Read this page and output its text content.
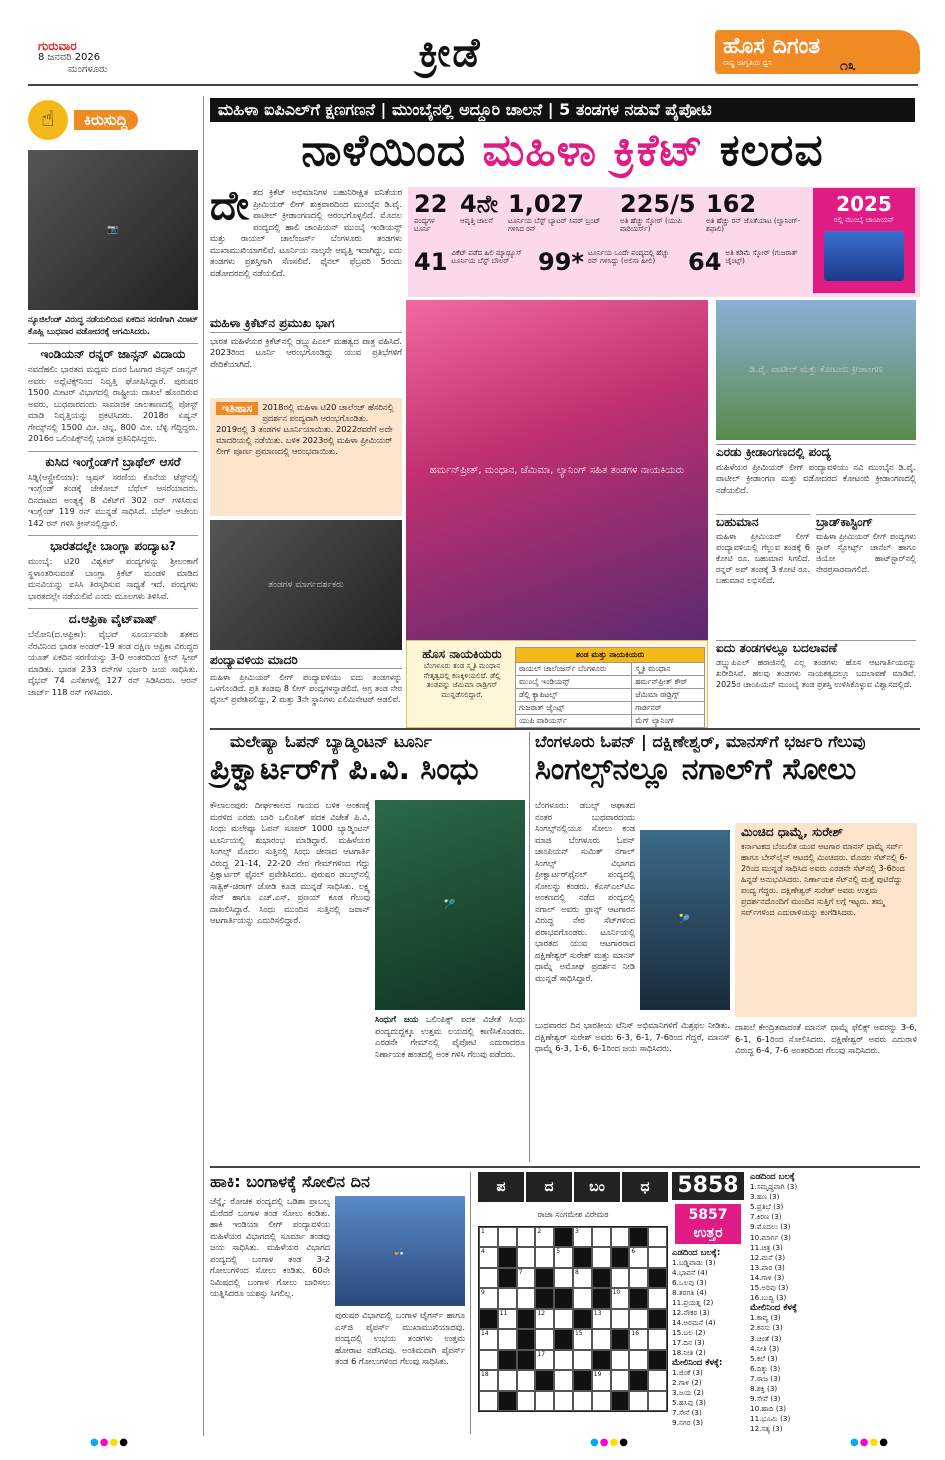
ಗುರುವಾರ
8 ಜನವರಿ 2026
ಮಂಗಳೂರು	ಕ್ರೀಡೆ	ಹೊಸ ದಿಗಂತ
ರಾಷ್ಟ್ರ ಜಾಗೃತಿಯ ಧ್ವನಿ	೧೩
☝	ಕಿರುಸುದ್ದಿ
📷
ನ್ಯೂಜಿಲೆಂಡ್ ವಿರುದ್ಧ ನಡೆಯಲಿರುವ ಏಕದಿನ ಸರಣಿಗಾಗಿ ವಿರಾಟ್ ಕೊಹ್ಲಿ ಬುಧವಾರ ವಡೋದರಕ್ಕೆ ಆಗಮಿಸಿದರು.
ಇಂಡಿಯನ್ ರನ್ನರ್ ಜಾನ್ಸನ್ ವಿದಾಯ
ನವದೆಹಲಿ: ಭಾರತದ ಮಧ್ಯಮ ದೂರ ಓಟಗಾರ ಜಿನ್ಸನ್ ಜಾನ್ಸನ್ ಅವರು ಅಥ್ಲೆಟಿಕ್ಸ್‌ನಿಂದ ನಿವೃತ್ತಿ ಘೋಷಿಸಿದ್ದಾರೆ. ಪುರುಷರ 1500 ಮೀಟರ್ ವಿಭಾಗದಲ್ಲಿ ರಾಷ್ಟ್ರೀಯ ದಾಖಲೆ ಹೊಂದಿರುವ ಅವರು, ಬುಧವಾರದಂದು ಸಾಮಾಜಿಕ ಜಾಲತಾಣದಲ್ಲಿ ಪೋಸ್ಟ್ ಮಾಡಿ ನಿವೃತ್ತಿಯನ್ನು ಪ್ರಕಟಿಸಿದರು. 2018ರ ಏಷ್ಯನ್ ಗೇಮ್ಸ್‌ನಲ್ಲಿ 1500 ಮೀ. ಚಿನ್ನ, 800 ಮೀ. ಬೆಳ್ಳಿ ಗೆದ್ದಿದ್ದರು. 2016ರ ಒಲಿಂಪಿಕ್ಸ್‌ನಲ್ಲಿ ಭಾರತ ಪ್ರತಿನಿಧಿಸಿದ್ದರು.
ಕುಸಿದ ಇಂಗ್ಲೆಂಡ್‌ಗೆ ಬ್ರಾಥೆಲ್ ಆಸರೆ
ಸಿಡ್ನಿ(ಆಸ್ಟ್ರೇಲಿಯಾ): ಆ್ಯಷಸ್ ಸರಣಿಯ ಕೊನೆಯ ಟೆಸ್ಟ್‌ನಲ್ಲಿ ಇಂಗ್ಲೆಂಡ್ ತಂಡಕ್ಕೆ ಜೇಕೋಬ್ ಬೆಥೆಲ್ ಆಸರೆಯಾದರು. ದಿನದಾಟದ ಅಂತ್ಯಕ್ಕೆ 8 ವಿಕೆಟ್‌ಗೆ 302 ರನ್ ಗಳಿಸಿರುವ ಇಂಗ್ಲೆಂಡ್ 119 ರನ್ ಮುನ್ನಡೆ ಸಾಧಿಸಿದೆ. ಬೆಥೆಲ್ ಅಜೇಯ 142 ರನ್ ಗಳಿಸಿ ಕ್ರೀಸ್‌ನಲ್ಲಿದ್ದಾರೆ.
ಭಾರತದಲ್ಲೇ ಬಾಂಗ್ಲಾ ಪಂದ್ಯಾಟ?
ಮುಂಬೈ: ಟಿ20 ವಿಶ್ವಕಪ್ ಪಂದ್ಯಗಳನ್ನು ಶ್ರೀಲಂಕಾಗೆ ಸ್ಥಳಾಂತರಿಸುವಂತೆ ಬಾಂಗ್ಲಾ ಕ್ರಿಕೆಟ್ ಮಂಡಳಿ ಮಾಡಿದ ಮನವಿಯನ್ನು ಐಸಿಸಿ ತಿರಸ್ಕರಿಸುವ ಸಾಧ್ಯತೆ ಇದೆ. ಪಂದ್ಯಗಳು ಭಾರತದಲ್ಲೇ ನಡೆಯಲಿವೆ ಎಂದು ಮೂಲಗಳು ತಿಳಿಸಿವೆ.
ದ.ಆಫ್ರಿಕಾ ವೈಟ್‌ವಾಷ್
ಬೆನೋನಿ(ದ.ಆಫ್ರಿಕಾ): ವೈಭವ್ ಸೂರ್ಯವಂಶಿ ಶತಕದ ನೆರವಿನಿಂದ ಭಾರತ ಅಂಡರ್-19 ತಂಡ ದಕ್ಷಿಣ ಆಫ್ರಿಕಾ ವಿರುದ್ಧದ ಯೂತ್ ಏಕದಿನ ಸರಣಿಯನ್ನು 3-0 ಅಂತರದಿಂದ ಕ್ಲೀನ್ ಸ್ವೀಪ್ ಮಾಡಿತು. ಭಾರತ 233 ರನ್‌ಗಳ ಭರ್ಜರಿ ಜಯ ಸಾಧಿಸಿತು. ವೈಭವ್ 74 ಎಸೆತಗಳಲ್ಲಿ 127 ರನ್ ಸಿಡಿಸಿದರು. ಆರನ್ ಜಾರ್ಜ್ 118 ರನ್ ಗಳಿಸಿದರು.
ಮಹಿಳಾ ಐಪಿಎಲ್‌ಗೆ ಕ್ಷಣಗಣನೆ | ಮುಂಬೈನಲ್ಲಿ ಅದ್ದೂರಿ ಚಾಲನೆ | 5 ತಂಡಗಳ ನಡುವೆ ಪೈಪೋಟಿ
ನಾಳೆಯಿಂದ ಮಹಿಳಾ ಕ್ರಿಕೆಟ್ ಕಲರವ
ದೇ ಶದ ಕ್ರಿಕೆಟ್ ಅಭಿಮಾನಿಗಳ ಬಹುನಿರೀಕ್ಷಿತ ವನಿತೆಯರ ಪ್ರೀಮಿಯರ್ ಲೀಗ್ ಶುಕ್ರವಾರದಿಂದ ಮುಂಬೈನ ಡಿ.ವೈ. ಪಾಟೀಲ್ ಕ್ರೀಡಾಂಗಣದಲ್ಲಿ ಆರಂಭಗೊಳ್ಳಲಿದೆ. ಮೊದಲ ಪಂದ್ಯದಲ್ಲಿ ಹಾಲಿ ಚಾಂಪಿಯನ್ ಮುಂಬೈ ಇಂಡಿಯನ್ಸ್ ಮತ್ತು ರಾಯಲ್ ಚಾಲೆಂಜರ್ಸ್ ಬೆಂಗಳೂರು ತಂಡಗಳು ಮುಖಾಮುಖಿಯಾಗಲಿವೆ. ಟೂರ್ನಿಯ ನಾಲ್ಕನೇ ಆವೃತ್ತಿ ಇದಾಗಿದ್ದು, ಐದು ತಂಡಗಳು ಪ್ರಶಸ್ತಿಗಾಗಿ ಸೆಣಸಲಿವೆ. ಫೈನಲ್ ಫೆಬ್ರವರಿ 5ರಂದು ವಡೋದರದಲ್ಲಿ ನಡೆಯಲಿದೆ.
ಮಹಿಳಾ ಕ್ರಿಕೆಟ್‌ನ ಪ್ರಮುಖ ಭಾಗ
ಭಾರತ ಮಹಿಳೆಯರ ಕ್ರಿಕೆಟ್‌ನಲ್ಲಿ ಡಬ್ಲ್ಯುಪಿಎಲ್ ಮಹತ್ವದ ಪಾತ್ರ ವಹಿಸಿದೆ. 2023ರಿಂದ ಟೂರ್ನಿ ಆರಂಭಗೊಂಡಿದ್ದು ಯುವ ಪ್ರತಿಭೆಗಳಿಗೆ ವೇದಿಕೆಯಾಗಿದೆ.
ಇತಿಹಾಸ	2018ರಲ್ಲಿ ಮಹಿಳಾ ಟಿ20 ಚಾಲೆಂಜ್ ಹೆಸರಿನಲ್ಲಿ ಪ್ರದರ್ಶನ ಪಂದ್ಯವಾಗಿ ಆರಂಭಗೊಂಡಿತು. 2019ರಲ್ಲಿ 3 ತಂಡಗಳ ಟೂರ್ನಿಯಾಯಿತು. 2022ರವರೆಗೆ ಅದೇ ಮಾದರಿಯಲ್ಲಿ ನಡೆಯಿತು. ಬಳಿಕ 2023ರಲ್ಲಿ ಮಹಿಳಾ ಪ್ರೀಮಿಯರ್ ಲೀಗ್ ಪೂರ್ಣ ಪ್ರಮಾಣದಲ್ಲಿ ಆರಂಭವಾಯಿತು.
ತಂಡಗಳ ಮಾರ್ಗದರ್ಶಕರು
ಪಂದ್ಯಾವಳಿಯ ಮಾದರಿ
ಮಹಿಳಾ ಪ್ರೀಮಿಯರ್ ಲೀಗ್ ಪಂದ್ಯಾವಳಿಯು ಐದು ತಂಡಗಳನ್ನು ಒಳಗೊಂಡಿದೆ. ಪ್ರತಿ ತಂಡವು 8 ಲೀಗ್ ಪಂದ್ಯಗಳನ್ನಾಡಲಿದೆ. ಅಗ್ರ ತಂಡ ನೇರ ಫೈನಲ್ ಪ್ರವೇಶಿಸಲಿದ್ದು, 2 ಮತ್ತು 3ನೇ ಸ್ಥಾನಿಗಳು ಎಲಿಮಿನೇಟರ್ ಆಡಲಿವೆ.
22
ಪಂದ್ಯಗಳ ಟೂರ್ನಿ
4ನೇ
ಆವೃತ್ತಿ ಚಾಲನೆ
1,027
ಟೂರ್ನಿಯ ಬೆಸ್ಟ್ ಬ್ಯಾಟರ್ ಸಿವರ್ ಬ್ರಂಟ್ ಗಳಿಸಿದ ರನ್
225/5
ಅತಿ ಹೆಚ್ಚು ಸ್ಕೋರ್ (ಯುಪಿ ವಾರಿಯರ್ಸ್)
162
ಅತಿ ಹೆಚ್ಚು ರನ್ ಜೊತೆಯಾಟ (ಲ್ಯಾನಿಂಗ್-ಶಫಾಲಿ)
41 ವಿಕೆಟ್ ಪಡೆದ ಹಿಲಿ ಮ್ಯಾಥ್ಯೂಸ್ ಟೂರ್ನಿಯ ಬೆಸ್ಟ್ ಬೌಲರ್	99* ಟೂರ್ನಿಯ ಒಂದೇ ಪಂದ್ಯದಲ್ಲಿ ಹೆಚ್ಚು ರನ್ ಗಳಿಸಿದ್ದು (ಅಲಿಸಾ ಹೀಲಿ)	64 ಅತಿ ಕಡಿಮೆ ಸ್ಕೋರ್ (ಗುಜರಾತ್ ಜೈಂಟ್ಸ್)
2025
ರಲ್ಲಿ ಮುಂಬೈ ಚಾಂಪಿಯನ್
ಹರ್ಮನ್‌ಪ್ರೀತ್, ಮಂಧಾನ, ಜೆಮಿಮಾ, ಲ್ಯಾನಿಂಗ್ ಸಹಿತ ತಂಡಗಳ ನಾಯಕಿಯರು
ಹೊಸ ನಾಯಕಿಯರು
ಬೆಂಗಳೂರು ತಂಡ ಸ್ಮೃತಿ ಮಂಧಾನ ನೇತೃತ್ವದಲ್ಲಿ ಕಣಕ್ಕಿಳಿಯಲಿದೆ. ಡೆಲ್ಲಿ ತಂಡವನ್ನು ಜೆಮಿಮಾ ರಾಡ್ರಿಗಸ್ ಮುನ್ನಡೆಸಲಿದ್ದಾರೆ.
ತಂಡ ಮತ್ತು ನಾಯಕಿಯರು	
ರಾಯಲ್ ಚಾಲೆಂಜರ್ಸ್ ಬೆಂಗಳೂರು	ಸ್ಮೃತಿ ಮಂಧಾನ
ಮುಂಬೈ ಇಂಡಿಯನ್ಸ್	ಹರ್ಮನ್‌ಪ್ರೀತ್ ಕೌರ್
ಡೆಲ್ಲಿ ಕ್ಯಾಪಿಟಲ್ಸ್	ಜೆಮಿಮಾ ರಾಡ್ರಿಗ್ಸ್
ಗುಜರಾತ್ ಜೈಂಟ್ಸ್	ಗಾರ್ಡನರ್
ಯುಪಿ ವಾರಿಯರ್ಸ್	ಮೆಗ್ ಲ್ಯಾನಿಂಗ್
ಡಿ.ವೈ. ಪಾಟೀಲ್ ಮತ್ತು ಕೋಟಂಬಿ ಕ್ರೀಡಾಂಗಣ
ಎರಡು ಕ್ರೀಡಾಂಗಣದಲ್ಲಿ ಪಂದ್ಯ
ಮಹಿಳೆಯರ ಪ್ರೀಮಿಯರ್ ಲೀಗ್ ಪಂದ್ಯಾವಳಿಯು ನವಿ ಮುಂಬೈನ ಡಿ.ವೈ. ಪಾಟೀಲ್ ಕ್ರೀಡಾಂಗಣ ಮತ್ತು ವಡೋದರದ ಕೋಟಂಬಿ ಕ್ರೀಡಾಂಗಣದಲ್ಲಿ ನಡೆಯಲಿದೆ.
ಬಹುಮಾನ
ಮಹಿಳಾ ಪ್ರೀಮಿಯರ್ ಲೀಗ್ ಪಂದ್ಯಾವಳಿಯಲ್ಲಿ ಗೆಲ್ಲುವ ತಂಡಕ್ಕೆ 6 ಕೋಟಿ ರೂ. ಬಹುಮಾನ ಸಿಗಲಿದೆ. ರನ್ನರ್ ಅಪ್ ತಂಡಕ್ಕೆ 3 ಕೋಟಿ ರೂ. ಬಹುಮಾನ ಲಭಿಸಲಿದೆ.
ಬ್ರಾಡ್‌ಕಾಸ್ಟಿಂಗ್
ಮಹಿಳಾ ಪ್ರೀಮಿಯರ್ ಲೀಗ್ ಪಂದ್ಯಗಳು ಸ್ಟಾರ್ ಸ್ಪೋರ್ಟ್ಸ್ ಚಾನೆಲ್ ಹಾಗೂ ಜಿಯೋ ಹಾಟ್‌ಸ್ಟಾರ್‌ನಲ್ಲಿ ನೇರಪ್ರಸಾರವಾಗಲಿದೆ.
ಐದು ತಂಡಗಳಲ್ಲೂ ಬದಲಾವಣೆ
ಡಬ್ಲ್ಯುಪಿಎಲ್ ಹರಾಜಿನಲ್ಲಿ ಎಲ್ಲ ತಂಡಗಳು ಹೊಸ ಆಟಗಾರ್ತಿಯರನ್ನು ಖರೀದಿಸಿವೆ. ಹಲವು ತಂಡಗಳು ನಾಯಕತ್ವದಲ್ಲೂ ಬದಲಾವಣೆ ಮಾಡಿವೆ. 2025ರ ಚಾಂಪಿಯನ್ ಮುಂಬೈ ತಂಡ ಪ್ರಶಸ್ತಿ ಉಳಿಸಿಕೊಳ್ಳುವ ವಿಶ್ವಾಸದಲ್ಲಿದೆ.
ಮಲೇಷ್ಯಾ ಓಪನ್ ಬ್ಯಾಡ್ಮಿಂಟನ್ ಟೂರ್ನಿ
ಪ್ರಿಕ್ವಾರ್ಟರ್‌ಗೆ ಪಿ.ವಿ. ಸಿಂಧು
ಕೌಲಾಲಂಪುರ: ದೀರ್ಘಕಾಲದ ಗಾಯದ ಬಳಿಕ ಅಂಕಣಕ್ಕೆ ಮರಳಿದ ಎರಡು ಬಾರಿ ಒಲಿಂಪಿಕ್ ಪದಕ ವಿಜೇತೆ ಪಿ.ವಿ. ಸಿಂಧು ಮಲೇಷ್ಯಾ ಓಪನ್ ಸೂಪರ್ 1000 ಬ್ಯಾಡ್ಮಿಂಟನ್ ಟೂರ್ನಿಯಲ್ಲಿ ಶುಭಾರಂಭ ಮಾಡಿದ್ದಾರೆ. ಮಹಿಳೆಯರ ಸಿಂಗಲ್ಸ್ ಮೊದಲ ಸುತ್ತಿನಲ್ಲಿ ಸಿಂಧು ಚೀನಾದ ಆಟಗಾರ್ತಿ ವಿರುದ್ಧ 21-14, 22-20 ನೇರ ಗೇಮ್‌ಗಳಿಂದ ಗೆದ್ದು ಪ್ರಿಕ್ವಾರ್ಟರ್ ಫೈನಲ್ ಪ್ರವೇಶಿಸಿದರು. ಪುರುಷರ ಡಬಲ್ಸ್‌ನಲ್ಲಿ ಸಾತ್ವಿಕ್-ಚಿರಾಗ್ ಜೋಡಿ ಕೂಡ ಮುನ್ನಡೆ ಸಾಧಿಸಿತು. ಲಕ್ಷ್ಯ ಸೇನ್ ಹಾಗೂ ಎಚ್.ಎಸ್. ಪ್ರಣಯ್ ಕೂಡ ಗೆಲುವು ದಾಖಲಿಸಿದ್ದಾರೆ. ಸಿಂಧು ಮುಂದಿನ ಸುತ್ತಿನಲ್ಲಿ ಜಪಾನ್ ಆಟಗಾರ್ತಿಯನ್ನು ಎದುರಿಸಲಿದ್ದಾರೆ.
🏸
ಸಿಂಧುಗೆ ಜಯ ಒಲಿಂಪಿಕ್ಸ್ ಪದಕ ವಿಜೇತೆ ಸಿಂಧು ಪಂದ್ಯದುದ್ದಕ್ಕೂ ಉತ್ತಮ ಲಯದಲ್ಲಿ ಕಾಣಿಸಿಕೊಂಡರು. ಎರಡನೇ ಗೇಮ್‌ನಲ್ಲಿ ಪೈಪೋಟಿ ಎದುರಾದರೂ ನಿರ್ಣಾಯಕ ಹಂತದಲ್ಲಿ ಅಂಕ ಗಳಿಸಿ ಗೆಲುವು ಪಡೆದರು.
ಬೆಂಗಳೂರು ಓಪನ್ | ದಕ್ಷಿಣೇಶ್ವರ್, ಮಾನಸ್‌ಗೆ ಭರ್ಜರಿ ಗೆಲುವು
ಸಿಂಗಲ್ಸ್‌ನಲ್ಲೂ ನಗಾಲ್‌ಗೆ ಸೋಲು
ಬೆಂಗಳೂರು: ಡಬಲ್ಸ್ ಆಘಾತದ ನಂತರ ಬುಧವಾರದಂದು ಸಿಂಗಲ್ಸ್‌ನಲ್ಲಿಯೂ ಸೋಲು ಕಂಡ ಮಾಜಿ ಬೆಂಗಳೂರು ಓಪನ್ ಚಾಂಪಿಯನ್ ಸುಮಿತ್ ನಗಾಲ್ ಸಿಂಗಲ್ಸ್ ವಿಭಾಗದ ಪ್ರೀಕ್ವಾರ್ಟರ್‌ಫೈನಲ್ ಪಂದ್ಯದಲ್ಲಿ ಸೋಲನ್ನು ಕಂಡರು. ಕೆಎಸ್‌ಎಲ್‌ಟಿಎ ಅಂಕಣದಲ್ಲಿ ನಡೆದ ಪಂದ್ಯದಲ್ಲಿ ನಗಾಲ್ ಅವರು ಫ್ರಾನ್ಸ್ ಆಟಗಾರನ ವಿರುದ್ಧ ನೇರ ಸೆಟ್‌ಗಳಿಂದ ಪರಾಭವಗೊಂಡರು. ಟೂರ್ನಿಯಲ್ಲಿ ಭಾರತದ ಯುವ ಆಟಗಾರರಾದ ದಕ್ಷಿಣೇಶ್ವರ್ ಸುರೇಶ್ ಮತ್ತು ಮಾನಸ್ ಧಾಮ್ನೆ ಅಮೋಘ ಪ್ರದರ್ಶನ ನೀಡಿ ಮುನ್ನಡೆ ಸಾಧಿಸಿದ್ದಾರೆ.
🎾
ಬುಧವಾರದ ದಿನ ಭಾರತೀಯ ಟೆನಿಸ್ ಅಭಿಮಾನಿಗಳಿಗೆ ಮಿಶ್ರಫಲ ನೀಡಿತು. ದಕ್ಷಿಣೇಶ್ವರ್ ಸುರೇಶ್ ಅವರು 6-3, 6-1, 7-6ರಿಂದ ಗೆದ್ದರೆ, ಮಾನಸ್ ಧಾಮ್ನೆ 6-3, 1-6, 6-1ರಿಂದ ಜಯ ಸಾಧಿಸಿದರು.
ಮಿಂಚಿದ ಧಾಮ್ನೆ, ಸುರೇಶ್
ಕರ್ನಾಟಕದ ಬೆಂಬಲಿತ ಯುವ ಆಟಗಾರ ಮಾನಸ್ ಧಾಮ್ನೆ ಸರ್ವ್ ಹಾಗೂ ಬೇಸ್‌ಲೈನ್ ಆಟದಲ್ಲಿ ಮಿಂಚಿದರು. ಮೊದಲ ಸೆಟ್‌ನಲ್ಲಿ 6-2ರಿಂದ ಮುನ್ನಡೆ ಸಾಧಿಸಿದ ಅವರು ಎರಡನೇ ಸೆಟ್‌ನಲ್ಲಿ 3-6ರಿಂದ ಹಿನ್ನಡೆ ಅನುಭವಿಸಿದರು. ನಿರ್ಣಾಯಕ ಸೆಟ್‌ನಲ್ಲಿ ಮತ್ತೆ ಪುಟಿದೆದ್ದು ಪಂದ್ಯ ಗೆದ್ದರು. ದಕ್ಷಿಣೇಶ್ವರ್ ಸುರೇಶ್ ಅವರು ಉತ್ತಮ ಪ್ರದರ್ಶನದೊಂದಿಗೆ ಮುಂದಿನ ಸುತ್ತಿಗೆ ಲಗ್ಗೆ ಇಟ್ಟರು. ತಮ್ಮ ಸರ್ವ್‌ಗಳಿಂದ ಎದುರಾಳಿಯನ್ನು ಕಂಗೆಡಿಸಿದರು.
ದಾಖಲೆ ಕೇಂದ್ರಿತವಾದಂತೆ ಮಾನಸ್ ಧಾಮ್ನೆ ಫೆಲಿಕ್ಸ್ ಅವರನ್ನು 3-6, 6-1, 6-1ರಿಂದ ಸೋಲಿಸಿದರು. ದಕ್ಷಿಣೇಶ್ವರ್ ಅವರು ಎದುರಾಳಿ ವಿರುದ್ಧ 6-4, 7-6 ಅಂತರದಿಂದ ಗೆಲುವು ಸಾಧಿಸಿದರು.
ಹಾಕಿ: ಬಂಗಾಳಕ್ಕೆ ಸೋಲಿನ ದಿನ
ಚೆನ್ನೈ: ರೋಚಕ ಪಂದ್ಯದಲ್ಲಿ ಒಡಿಶಾ ಪ್ರಾಬಲ್ಯ ಮೆರೆದರೆ ಬಂಗಾಳ ತಂಡ ಸೋಲು ಕಂಡಿತು. ಹಾಕಿ ಇಂಡಿಯಾ ಲೀಗ್ ಪಂದ್ಯಾವಳಿಯ ಮಹಿಳೆಯರ ವಿಭಾಗದಲ್ಲಿ ಸೂರ್ಮಾ ತಂಡವು ಜಯ ಸಾಧಿಸಿತು. ಮಹಿಳೆಯರ ವಿಭಾಗದ ಪಂದ್ಯದಲ್ಲಿ ಬಂಗಾಳ ತಂಡ 3-2 ಗೋಲುಗಳಿಂದ ಸೋಲು ಕಂಡಿತು. 60ನೇ ನಿಮಿಷದಲ್ಲಿ ಬಂಗಾಳ ಗೋಲು ಬಾರಿಸಲು ಯತ್ನಿಸಿದರೂ ಯಶಸ್ಸು ಸಿಗಲಿಲ್ಲ.
🏑
ಪುರುಷರ ವಿಭಾಗದಲ್ಲಿ ಬಂಗಾಳ ಟೈಗರ್ಸ್ ಹಾಗೂ ಎಸ್‌ಜಿ ಪೈಪರ್ಸ್ ಮುಖಾಮುಖಿಯಾದವು. ಪಂದ್ಯದಲ್ಲಿ ಉಭಯ ತಂಡಗಳು ಉತ್ತಮ ಹೋರಾಟ ನಡೆಸಿದವು. ಅಂತಿಮವಾಗಿ ಪೈಪರ್ಸ್ ತಂಡ 6 ಗೋಲುಗಳಿಂದ ಗೆಲುವು ಸಾಧಿಸಿತು.
ಪ	ದ	ಬಂ	ಧ
ರಾಜಾ ಸಂಗಮೇಶ ವಿರೇಮಠ
1	2	3
4	5	6
7	8
9	10
11	12	13
14	15	16
17
18	19
5858
5857
ಉತ್ತರ
ಎಡದಿಂದ ಬಲಕ್ಕೆ:
1.ಬಡ್ಡಿವಾಡು (3)
4.ಭಾವನೆ (4)
6.ಒಲವು (3)
8.ತರಗತಿ (4)
11.ಪ್ರಯತ್ನ (2)
12.ನೌಕರ (3)
14.ಅರಮನೆ (4)
15.ಬಲ (2)
17.ದಿನ (3)
18.ನೀತಿ (2)
ಮೇಲಿನಿಂದ ಕೆಳಕ್ಕೆ:
1.ಜಿಂಕೆ (3)
2.ಗಾಳಿ (2)
3.ಜಯ (2)
5.ಹಸಿವು (3)
7.ಸೇನೆ (3)
9.ನಗರ (3)
ಎಡದಿಂದ ಬಲಕ್ಕೆ
1.ಸಮೃದ್ಧವಾಗಿ (3)
3.ಹಣ (3)
5.ಪ್ರತಿಭೆ (3)
7.ಕಿರಣ (3)
9.ಮೊದಲು (3)
10.ಮಾರ್ಗ (3)
11.ಚಿತ್ರ (3)
12.ಮನೆ (3)
13.ಪಾಠ (3)
14.ಗಾಳಿ (3)
15.ಅರಿವು (3)
16.ಬುದ್ಧಿ (3)
ಮೇಲಿನಿಂದ ಕೆಳಕ್ಕೆ
1.ಕಾವ್ಯ (3)
2.ಕನಸು (3)
3.ಚಿಂತೆ (3)
4.ನೀತಿ (3)
5.ಕಲೆ (3)
6.ದಿಕ್ಕು (3)
7.ರಾಜ (3)
8.ಶಕ್ತಿ (3)
9.ಸೇವೆ (3)
10.ಹಾದಿ (3)
11.ಭೂಮಿ (3)
12.ಸತ್ಯ (3)
●●●●	●●●●	●●●●
